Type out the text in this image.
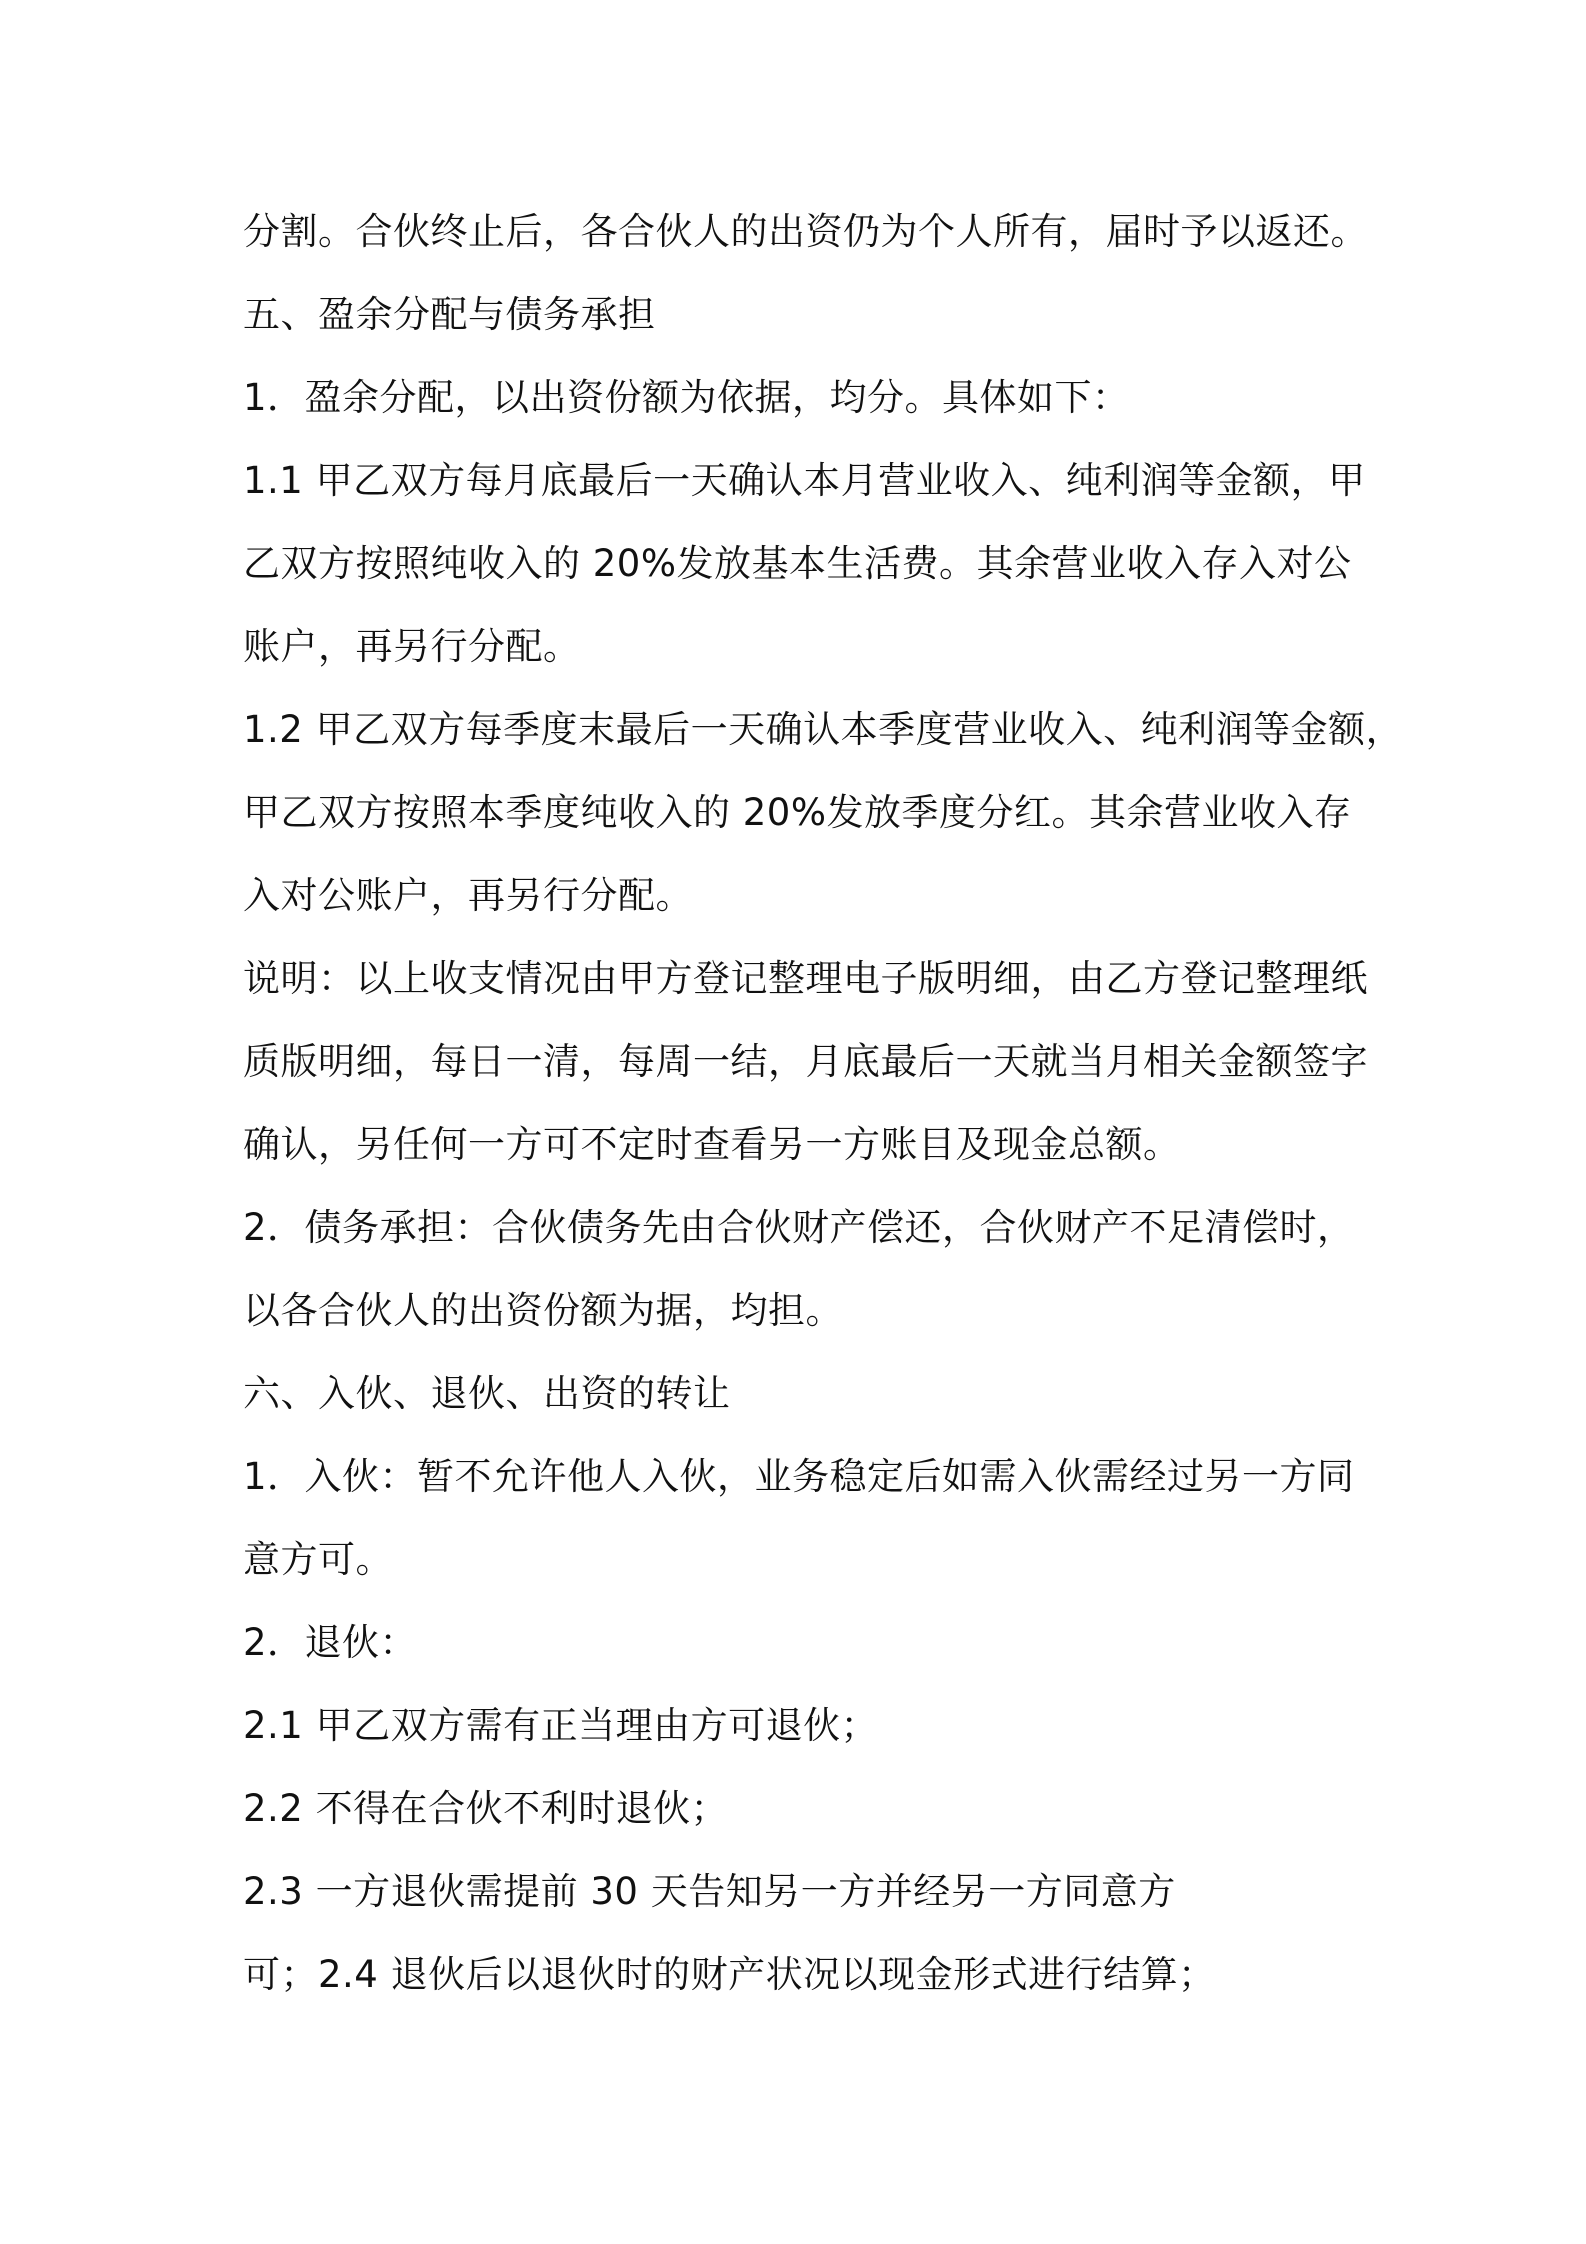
分割。合伙终止后，各合伙人的出资仍为个人所有，届时予以返还。
五、盈余分配与债务承担
1．盈余分配，以出资份额为依据，均分。具体如下：
1.1 甲乙双方每月底最后一天确认本月营业收入、纯利润等金额，甲
乙双方按照纯收入的 20%发放基本生活费。其余营业收入存入对公
账户，再另行分配。
1.2 甲乙双方每季度末最后一天确认本季度营业收入、纯利润等金额，
甲乙双方按照本季度纯收入的 20%发放季度分红。其余营业收入存
入对公账户，再另行分配。
说明：以上收支情况由甲方登记整理电子版明细，由乙方登记整理纸
质版明细，每日一清，每周一结，月底最后一天就当月相关金额签字
确认，另任何一方可不定时查看另一方账目及现金总额。
2．债务承担：合伙债务先由合伙财产偿还，合伙财产不足清偿时，
以各合伙人的出资份额为据，均担。
六、入伙、退伙、出资的转让
1．入伙：暂不允许他人入伙，业务稳定后如需入伙需经过另一方同
意方可。
2．退伙：
2.1 甲乙双方需有正当理由方可退伙；
2.2 不得在合伙不利时退伙；
2.3 一方退伙需提前 30 天告知另一方并经另一方同意方
可；2.4 退伙后以退伙时的财产状况以现金形式进行结算；
